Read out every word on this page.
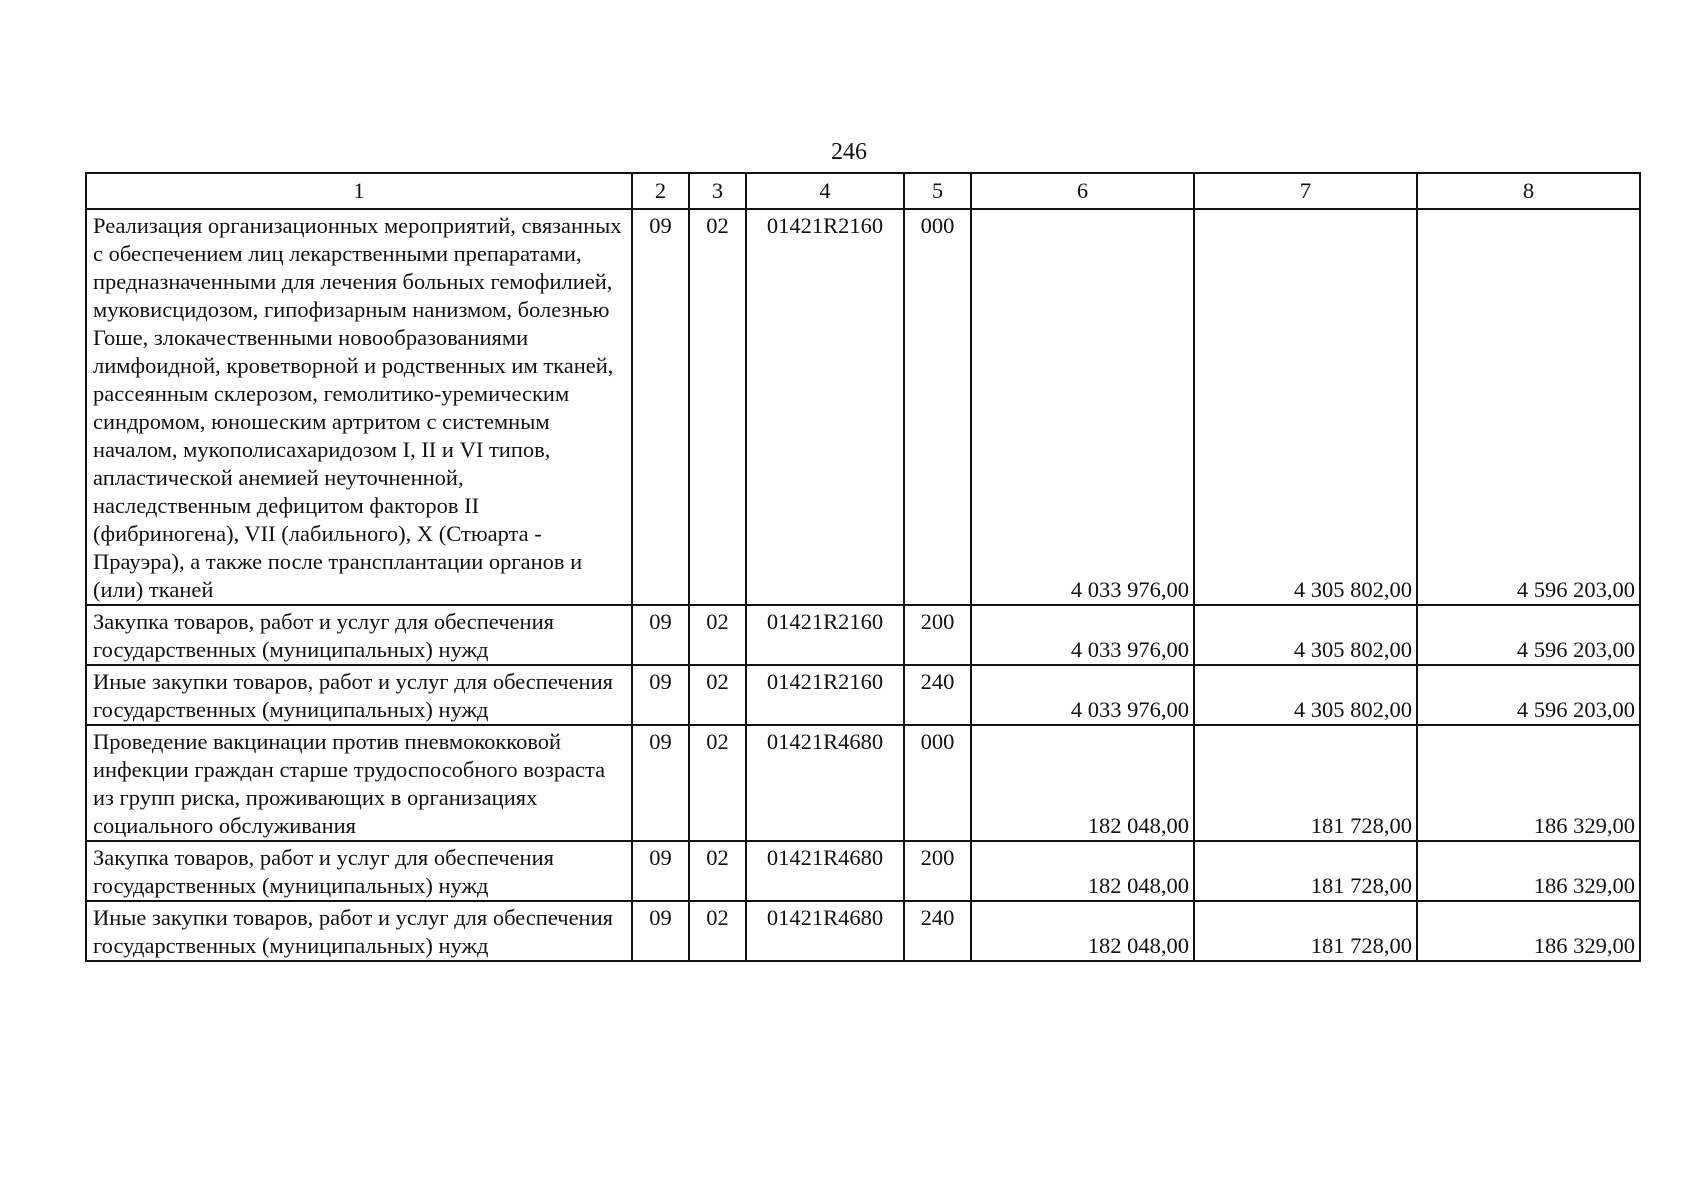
246
1	2	3	4	5	6	7	8
Реализация организационных мероприятий, связанных с обеспечением лиц лекарственными препаратами, предназначенными для лечения больных гемофилией, муковисцидозом, гипофизарным нанизмом, болезнью Гоше, злокачественными новообразованиями лимфоидной, кроветворной и родственных им тканей, рассеянным склерозом, гемолитико-уремическим синдромом, юношеским артритом с системным началом, мукополисахаридозом I, II и VI типов, апластической анемией неуточненной, наследственным дефицитом факторов II (фибриногена), VII (лабильного), X (Стюарта - Прауэра), а также после трансплантации органов и (или) тканей	09	02	01421R2160	000	4 033 976,00	4 305 802,00	4 596 203,00
Закупка товаров, работ и услуг для обеспечения государственных (муниципальных) нужд	09	02	01421R2160	200	4 033 976,00	4 305 802,00	4 596 203,00
Иные закупки товаров, работ и услуг для обеспечения государственных (муниципальных) нужд	09	02	01421R2160	240	4 033 976,00	4 305 802,00	4 596 203,00
Проведение вакцинации против пневмококковой инфекции граждан старше трудоспособного возраста из групп риска, проживающих в организациях социального обслуживания	09	02	01421R4680	000	182 048,00	181 728,00	186 329,00
Закупка товаров, работ и услуг для обеспечения государственных (муниципальных) нужд	09	02	01421R4680	200	182 048,00	181 728,00	186 329,00
Иные закупки товаров, работ и услуг для обеспечения государственных (муниципальных) нужд	09	02	01421R4680	240	182 048,00	181 728,00	186 329,00
